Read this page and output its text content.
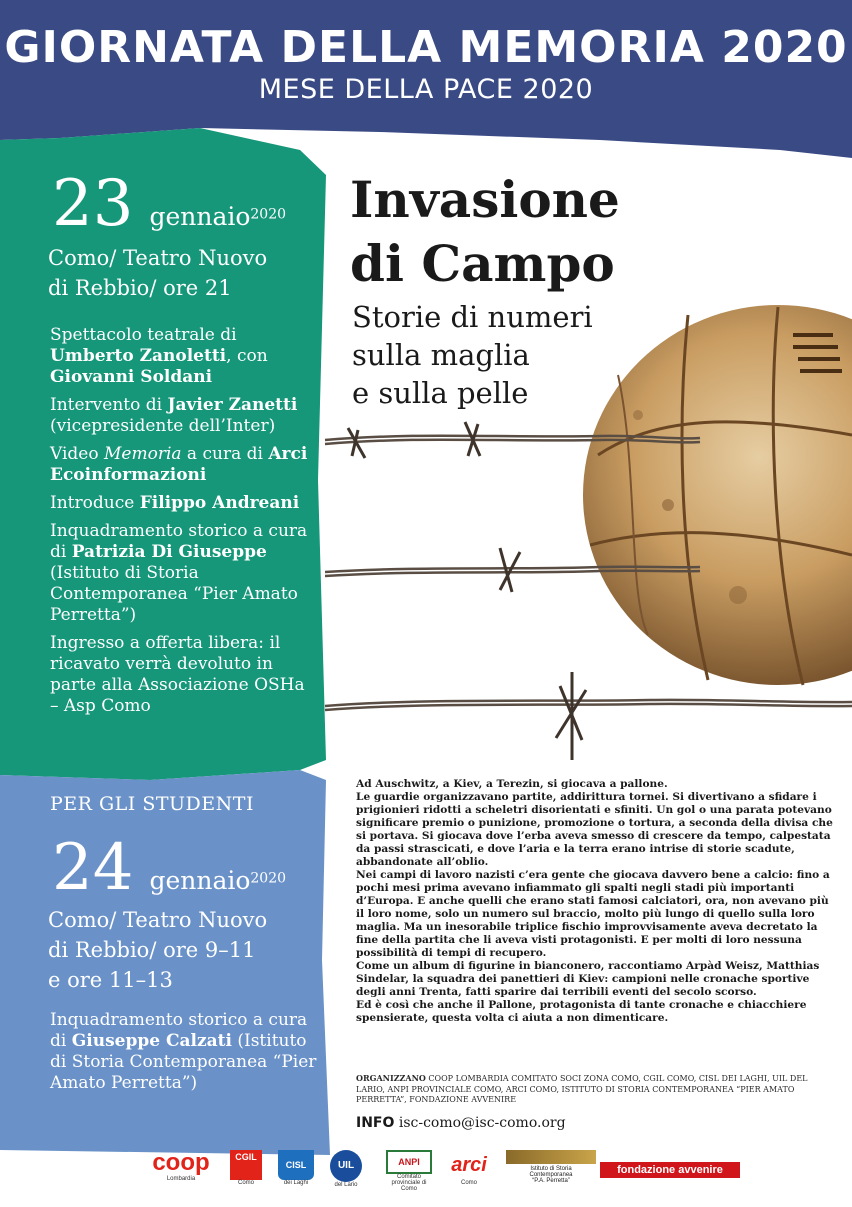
GIORNATA DELLA MEMORIA 2020
MESE DELLA PACE 2020
23 gennaio$^{2020}$
Como/ Teatro Nuovo
di Rebbio/ ore 21

Spettacolo teatrale di Umberto Zanoletti, con Giovanni Soldani

Intervento di Javier Zanetti (vicepresidente dell’Inter)

Video Memoria a cura di Arci Ecoinformazioni

Introduce Filippo Andreani

Inquadramento storico a cura di Patrizia Di Giuseppe (Istituto di Storia Contemporanea “Pier Amato Perretta”)

Ingresso a offerta libera: il ricavato verrà devoluto in parte alla Associazione OSHa – Asp Como

PER GLI STUDENTI
24 gennaio$^{2020}$
Como/ Teatro Nuovo
di Rebbio/ ore 9–11
e ore 11–13

Inquadramento storico a cura di Giuseppe Calzati (Istituto di Storia Contemporanea “Pier Amato Perretta”)

Invasione
di Campo
Storie di numeri
sulla maglia
e sulla pelle

Ad Auschwitz, a Kiev, a Terezin, si giocava a pallone.

Le guardie organizzavano partite, addirittura tornei. Si divertivano a sfidare i prigionieri ridotti a scheletri disorientati e sfiniti. Un gol o una parata potevano significare premio o punizione, promozione o tortura, a seconda della divisa che si portava. Si giocava dove l’erba aveva smesso di crescere da tempo, calpestata da passi strascicati, e dove l’aria e la terra erano intrise di storie scadute, abbandonate all’oblio.

Nei campi di lavoro nazisti c’era gente che giocava davvero bene a calcio: fino a pochi mesi prima avevano infiammato gli spalti negli stadi più importanti d’Europa. E anche quelli che erano stati famosi calciatori, ora, non avevano più il loro nome, solo un numero sul braccio, molto più lungo di quello sulla loro maglia. Ma un inesorabile triplice fischio improvvisamente aveva decretato la fine della partita che li aveva visti protagonisti. E per molti di loro nessuna possibilità di tempi di recupero.

Come un album di figurine in bianconero, raccontiamo Arpàd Weisz, Matthias Sindelar, la squadra dei panettieri di Kiev: campioni nelle cronache sportive degli anni Trenta, fatti sparire dai terribili eventi del secolo scorso.

Ed è così che anche il Pallone, protagonista di tante cronache e chiacchiere spensierate, questa volta ci aiuta a non dimenticare.

ORGANIZZANO COOP LOMBARDIA COMITATO SOCI ZONA COMO, CGIL COMO, CISL DEI LAGHI, UIL DEL LARIO, ANPI PROVINCIALE COMO, ARCI COMO, ISTITUTO DI STORIA CONTEMPORANEA “PIER AMATO PERRETTA”, FONDAZIONE AVVENIRE
INFO isc-como@isc-como.org
coop
Lombardia
CGIL
Como
CISL
dei Laghi
UIL
del Lario
ANPI
Comitato provinciale di Como
arci
Como
Istituto di Storia
Contemporanea
“P.A. Perretta”
fondazione avvenire
